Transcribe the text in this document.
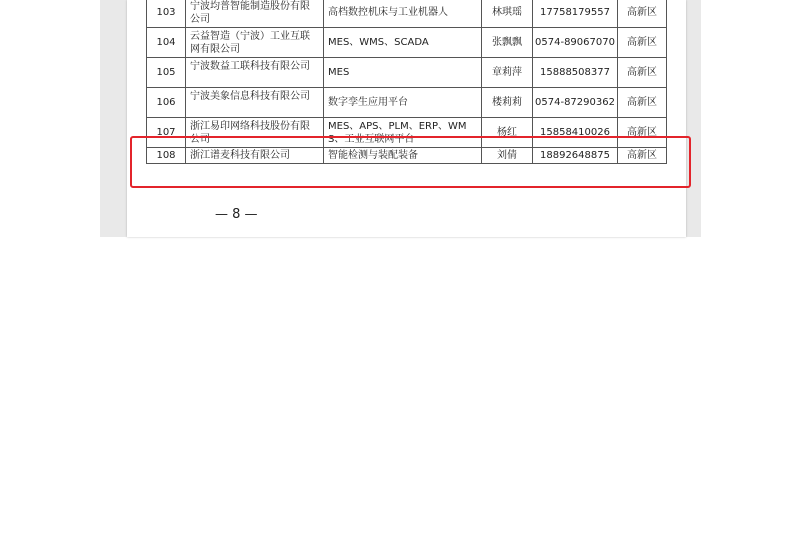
103	宁波均普智能制造股份有限公司	高档数控机床与工业机器人	林琪瑶	17758179557	高新区
104	云益智造（宁波）工业互联网有限公司	MES、WMS、SCADA	张飘飘	0574-89067070	高新区
105	宁波数益工联科技有限公司	MES	章莉萍	15888508377	高新区
106	宁波美象信息科技有限公司	数字孪生应用平台	楼莉莉	0574-87290362	高新区
107	浙江易印网络科技股份有限公司	MES、APS、PLM、ERP、WMS、工业互联网平台	杨红	15858410026	高新区
108	浙江谱麦科技有限公司	智能检测与装配装备	刘倩	18892648875	高新区
— 8 —
